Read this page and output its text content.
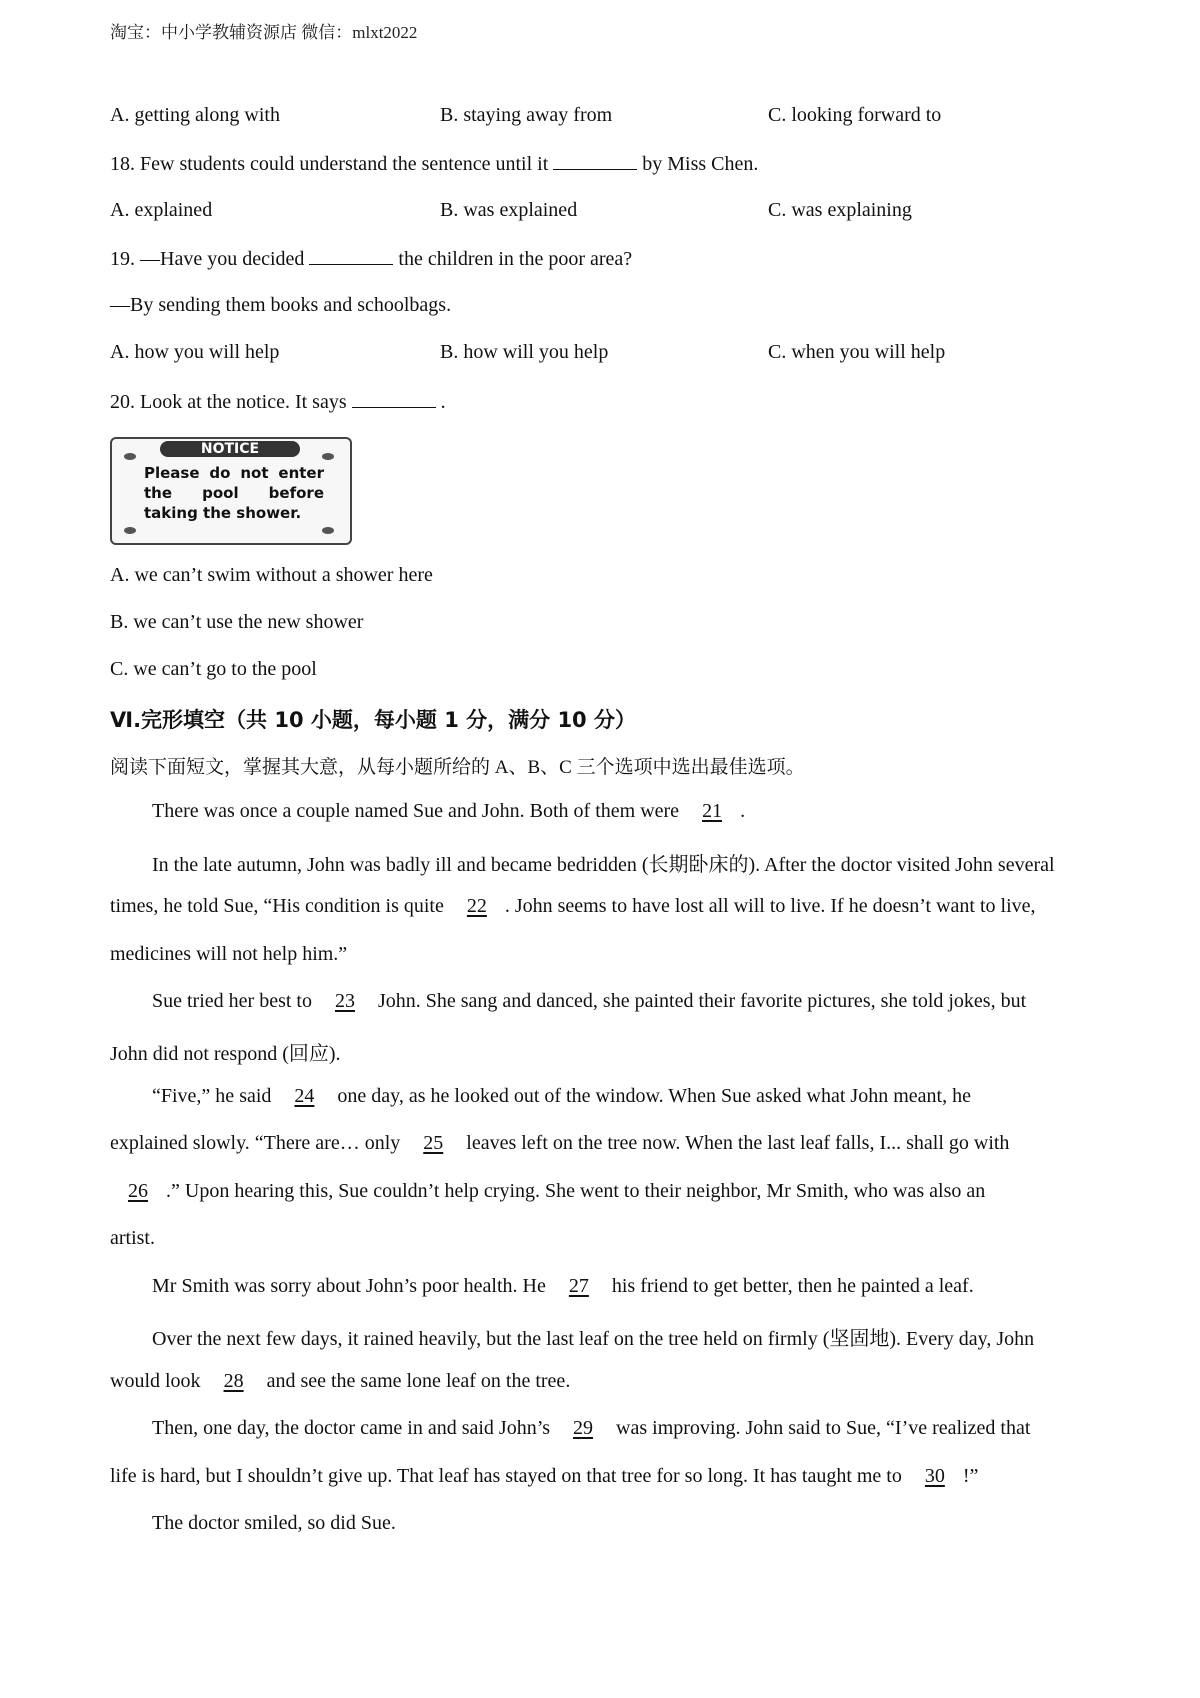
淘宝：中小学教辅资源店 微信：mlxt2022
A. getting along with	B. staying away from	C. looking forward to
18. Few students could understand the sentence until it	by Miss Chen.
A. explained	B. was explained	C. was explaining
19. —Have you decided	the children in the poor area?
—By sending them books and schoolbags.
A. how you will help	B. how will you help	C. when you will help
20. Look at the notice. It says	.
NOTICE
Please do not enter the pool before taking the shower.
A. we can’t swim without a shower here
B. we can’t use the new shower
C. we can’t go to the pool
Ⅵ.完形填空（共 10 小题，每小题 1 分，满分 10 分）
阅读下面短文，掌握其大意，从每小题所给的 A、B、C 三个选项中选出最佳选项。
There was once a couple named Sue and John. Both of them were 21 .
In the late autumn, John was badly ill and became bedridden (长期卧床的). After the doctor visited John several
times, he told Sue, “His condition is quite 22 . John seems to have lost all will to live. If he doesn’t want to live,
medicines will not help him.”
Sue tried her best to 23 John. She sang and danced, she painted their favorite pictures, she told jokes, but
John did not respond (回应).
“Five,” he said 24 one day, as he looked out of the window. When Sue asked what John meant, he
explained slowly. “There are… only 25 leaves left on the tree now. When the last leaf falls, I... shall go with
26 .” Upon hearing this, Sue couldn’t help crying. She went to their neighbor, Mr Smith, who was also an
artist.
Mr Smith was sorry about John’s poor health. He 27 his friend to get better, then he painted a leaf.
Over the next few days, it rained heavily, but the last leaf on the tree held on firmly (坚固地). Every day, John
would look 28 and see the same lone leaf on the tree.
Then, one day, the doctor came in and said John’s 29 was improving. John said to Sue, “I’ve realized that
life is hard, but I shouldn’t give up. That leaf has stayed on that tree for so long. It has taught me to 30 !”
The doctor smiled, so did Sue.
